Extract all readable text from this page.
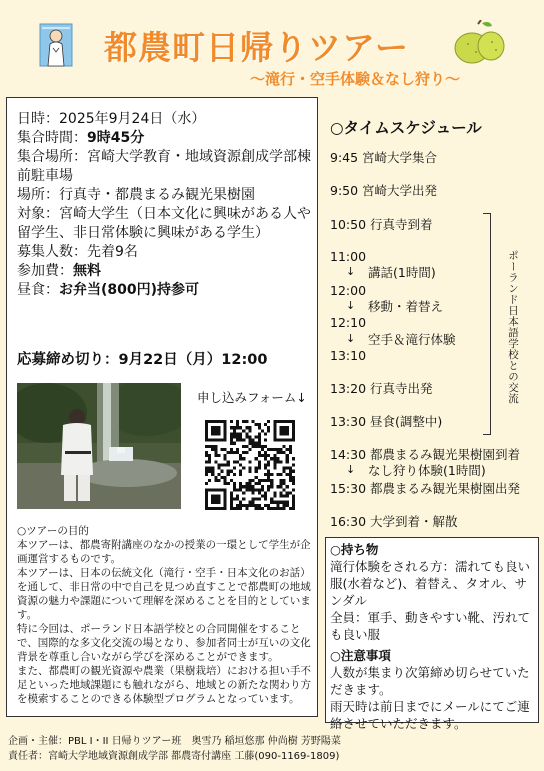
都農町日帰りツアー
〜滝行・空手体験＆なし狩り〜
日時：2025年9月24日（水）
集合時間：9時45分
集合場所：宮崎大学教育・地域資源創成学部棟前駐車場
場所：行真寺・都農まるみ観光果樹園
対象：宮崎大学生（日本文化に興味がある人や留学生、非日常体験に興味がある学生）
募集人数：先着9名
参加費：無料
昼食：お弁当(800円)持参可
応募締め切り：9月22日（月）12:00
申し込みフォーム↓
○ツアーの目的

本ツアーは、都農寄附講座のなかの授業の一環として学生が企画運営するものです。

本ツアーは、日本の伝統文化（滝行・空手・日本文化のお話）を通して、非日常の中で自己を見つめ直すことで都農町の地域資源の魅力や課題について理解を深めることを目的としています。

特に今回は、ポーランド日本語学校との合同開催をすることで、国際的な多文化交流の場となり、参加者同士が互いの文化背景を尊重し合いながら学びを深めることができます。

また、都農町の観光資源や農業（果樹栽培）における担い手不足といった地域課題にも触れながら、地域との新たな関わり方を模索することのできる体験型プログラムとなっています。

○タイムスケジュール
9:45 宮崎大学集合
9:50 宮崎大学出発
10:50 行真寺到着
11:00
↓ 講話(1時間)
12:00
↓ 移動・着替え
12:10
↓ 空手＆滝行体験
13:10
13:20 行真寺出発
13:30 昼食(調整中)
14:30 都農まるみ観光果樹園到着
↓ なし狩り体験(1時間)
15:30 都農まるみ観光果樹園出発
16:30 大学到着・解散
ポーランド日本語学校との交流
○持ち物
滝行体験をされる方：濡れても良い服(水着など)、着替え、タオル、サンダル
全員：軍手、動きやすい靴、汚れても良い服
○注意事項
人数が集まり次第締め切らせていただきます。
雨天時は前日までにメールにてご連絡させていただきます。
企画・主催：PBL I・II 日帰りツアー班　奥雪乃 稲垣悠那 仲尚樹 芳野陽菜
責任者：宮崎大学地域資源創成学部 都農寄付講座 工藤(090-1169-1809)
